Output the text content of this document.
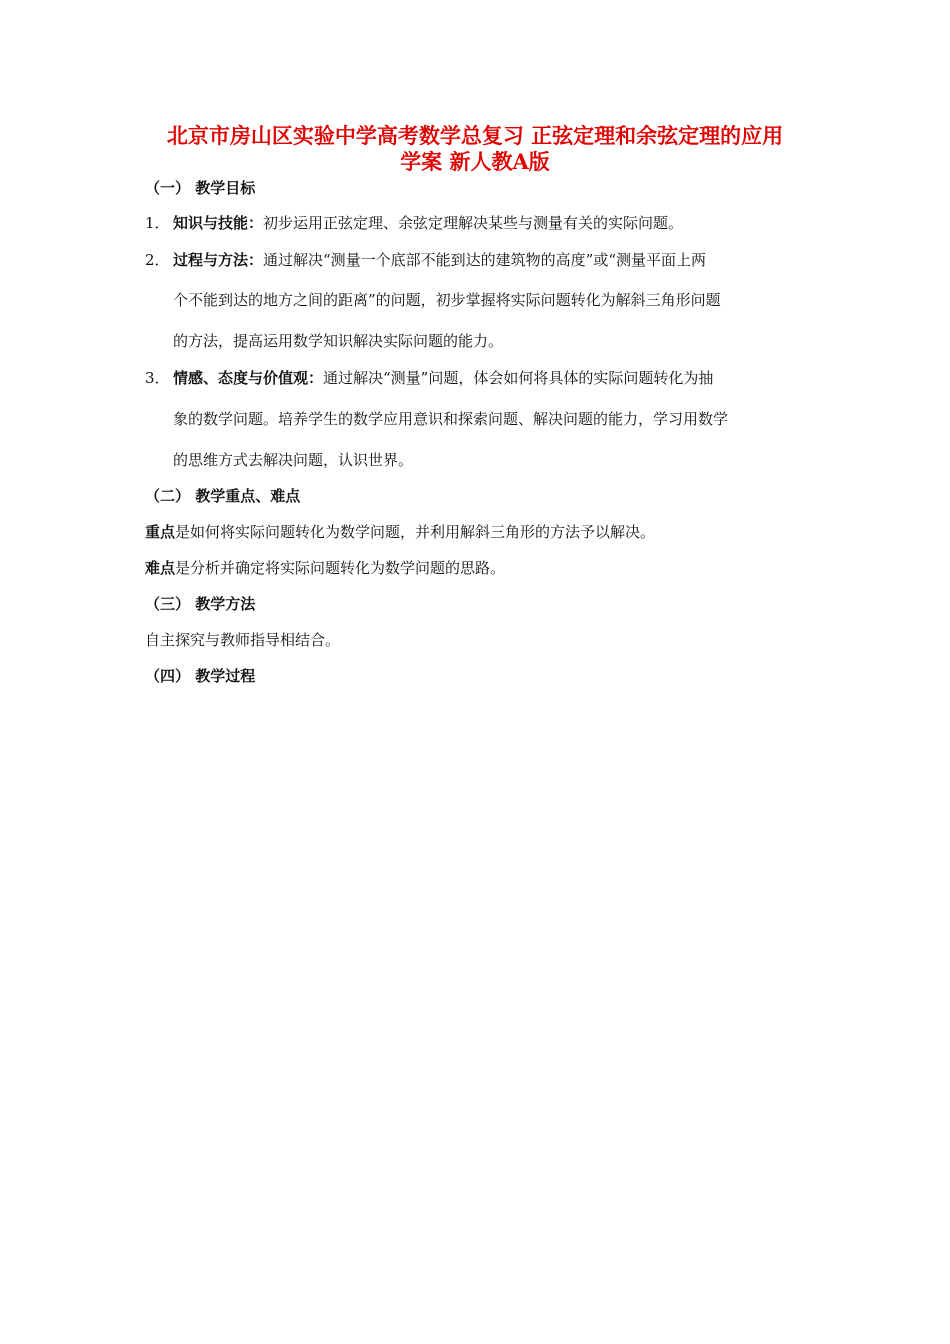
北京市房山区实验中学高考数学总复习 正弦定理和余弦定理的应用
学案 新人教A版
（一） 教学目标
1． 知识与技能：初步运用正弦定理、余弦定理解决某些与测量有关的实际问题。
2． 过程与方法：通过解决“测量一个底部不能到达的建筑物的高度”或“测量平面上两
个不能到达的地方之间的距离”的问题，初步掌握将实际问题转化为解斜三角形问题
的方法，提高运用数学知识解决实际问题的能力。
3． 情感、态度与价值观：通过解决“测量”问题，体会如何将具体的实际问题转化为抽
象的数学问题。培养学生的数学应用意识和探索问题、解决问题的能力，学习用数学
的思维方式去解决问题，认识世界。
（二） 教学重点、难点
重点是如何将实际问题转化为数学问题，并利用解斜三角形的方法予以解决。
难点是分析并确定将实际问题转化为数学问题的思路。
（三） 教学方法
自主探究与教师指导相结合。
（四） 教学过程
